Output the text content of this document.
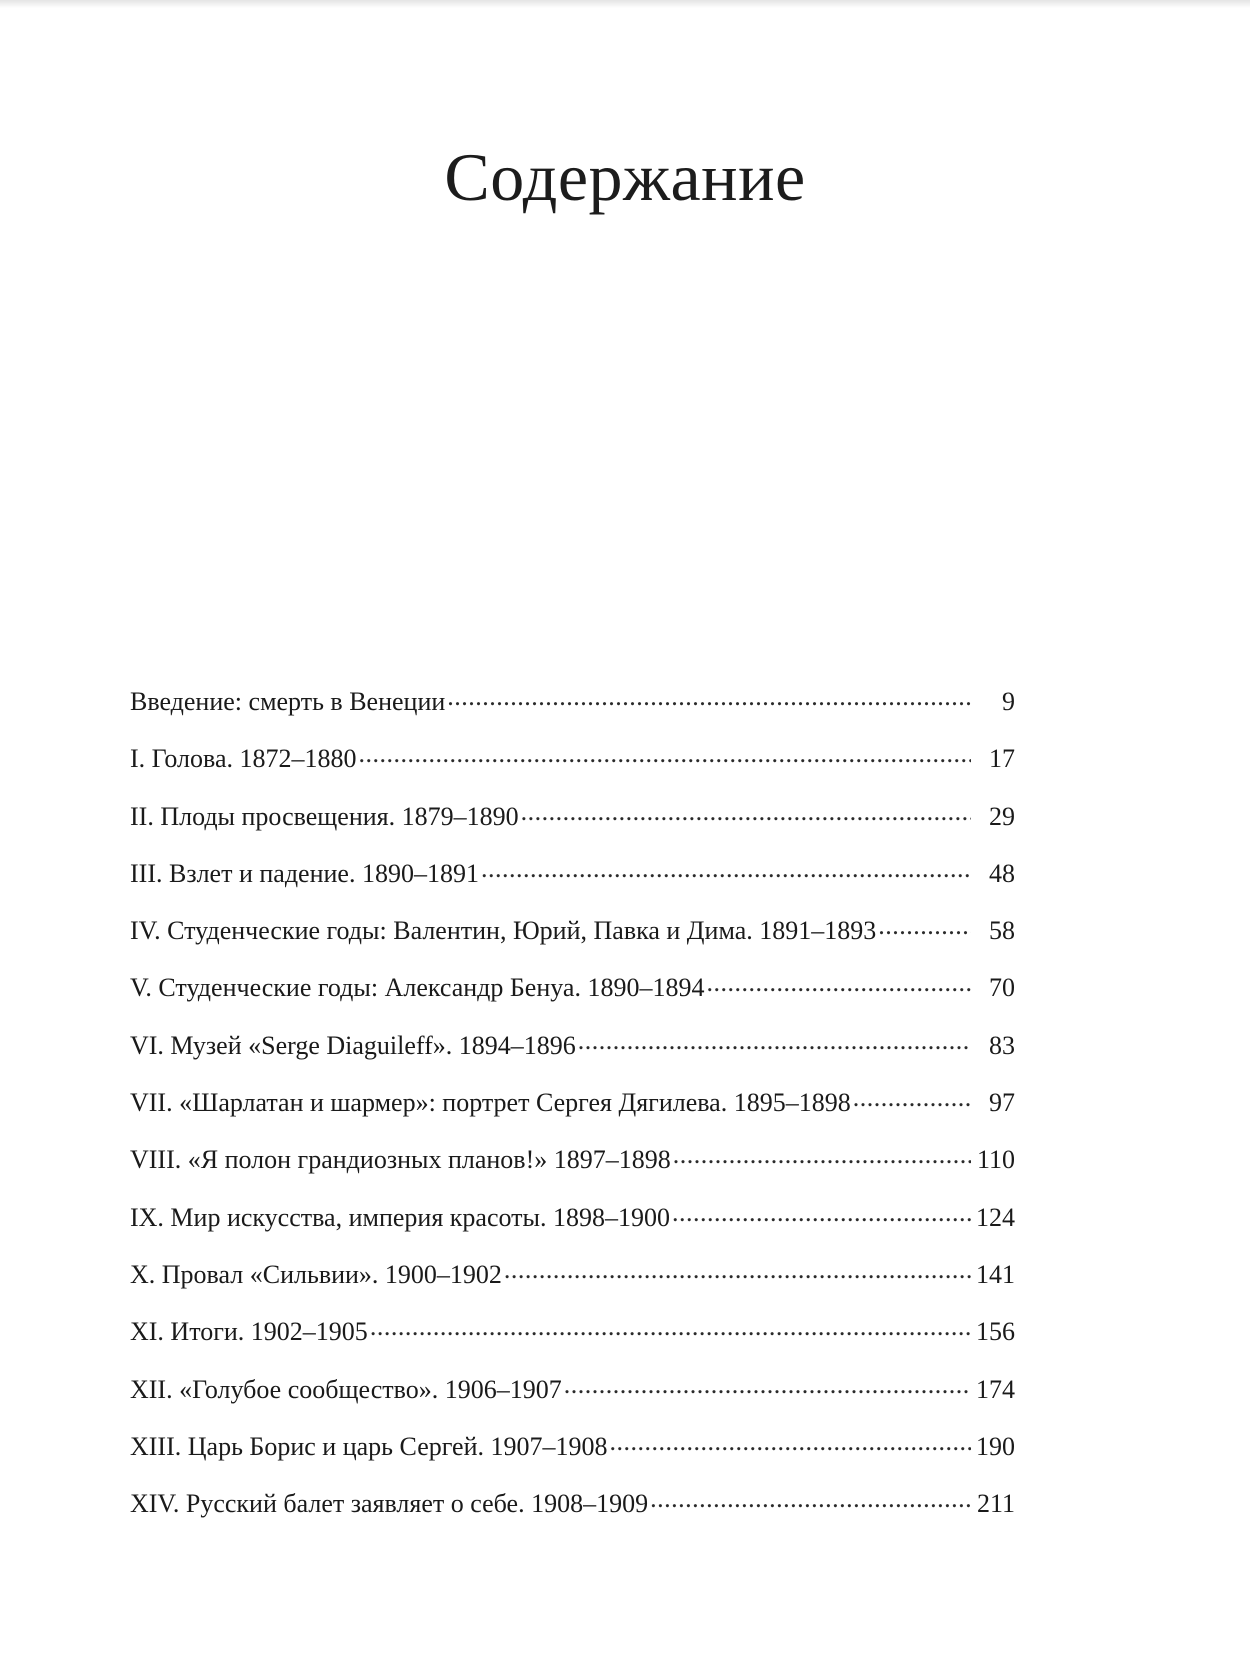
Содержание
Введение: смерть в Венеции . . .	9
I. Голова. 1872–1880 . . .	17
II. Плоды просвещения. 1879–1890 . . .	29
III. Взлет и падение. 1890–1891 . . .	48
IV. Студенческие годы: Валентин, Юрий, Павка и Дима. 1891–1893 . . .	58
V. Студенческие годы: Александр Бенуа. 1890–1894 . . .	70
VI. Музей «Serge Diaguileff». 1894–1896 . . .	83
VII. «Шарлатан и шармер»: портрет Сергея Дягилева. 1895–1898 . . .	97
VIII. «Я полон грандиозных планов!» 1897–1898 . . .	110
IX. Мир искусства, империя красоты. 1898–1900 . . .	124
X. Провал «Сильвии». 1900–1902 . . .	141
XI. Итоги. 1902–1905 . . .	156
XII. «Голубое сообщество». 1906–1907 . . .	174
XIII. Царь Борис и царь Сергей. 1907–1908 . . .	190
XIV. Русский балет заявляет о себе. 1908–1909 . . .	211
